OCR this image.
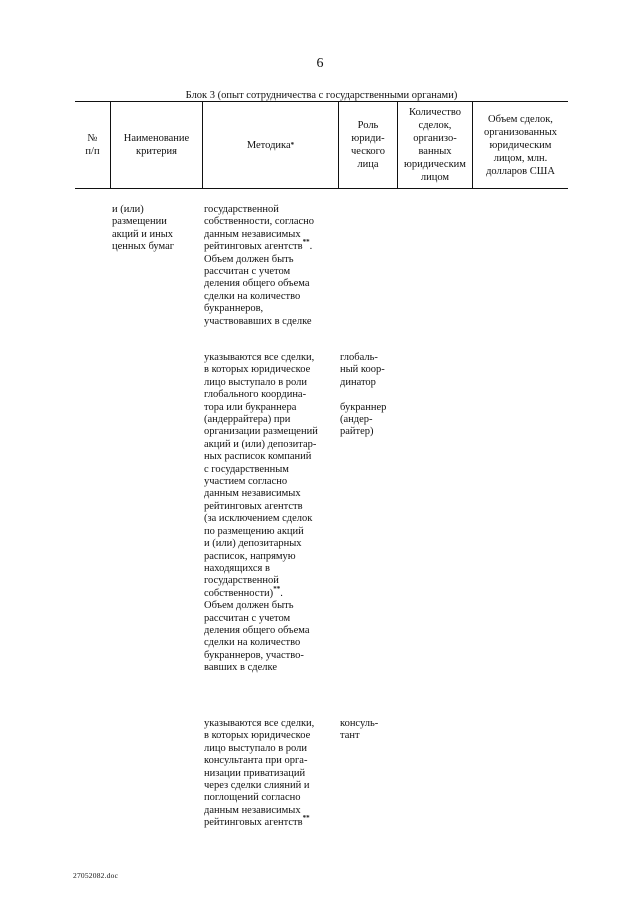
6
Блок 3 (опыт сотрудничества с государственными органами)
№
п/п
Наименование
критерия
Методика *
Роль
юриди-
ческого
лица
Количество
сделок,
организо-
ванных
юридическим
лицом
Объем сделок,
организованных
юридическим
лицом, млн.
долларов США
и (или)
размещении
акций и иных
ценных бумаг
государственной
собственности, согласно
данным независимых
рейтинговых агентств**.
Объем должен быть
рассчитан с учетом
деления общего объема
сделки на количество
букраннеров,
участвовавших в сделке
указываются все сделки,
в которых юридическое
лицо выступало в роли
глобального координа-
тора или букраннера
(андеррайтера) при
организации размещений
акций и (или) депозитар-
ных расписок компаний
с государственным
участием согласно
данным независимых
рейтинговых агентств
(за исключением сделок
по размещению акций
и (или) депозитарных
расписок, напрямую
находящихся в
государственной
собственности)**.
Объем должен быть
рассчитан с учетом
деления общего объема
сделки на количество
букраннеров, участво-
вавших в сделке
глобаль-
ный коор-
динатор

букраннер
(андер-
райтер)
указываются все сделки,
в которых юридическое
лицо выступало в роли
консультанта при орга-
низации приватизаций
через сделки слияний и
поглощений согласно
данным независимых
рейтинговых агентств**
консуль-
тант
27052082.doc
